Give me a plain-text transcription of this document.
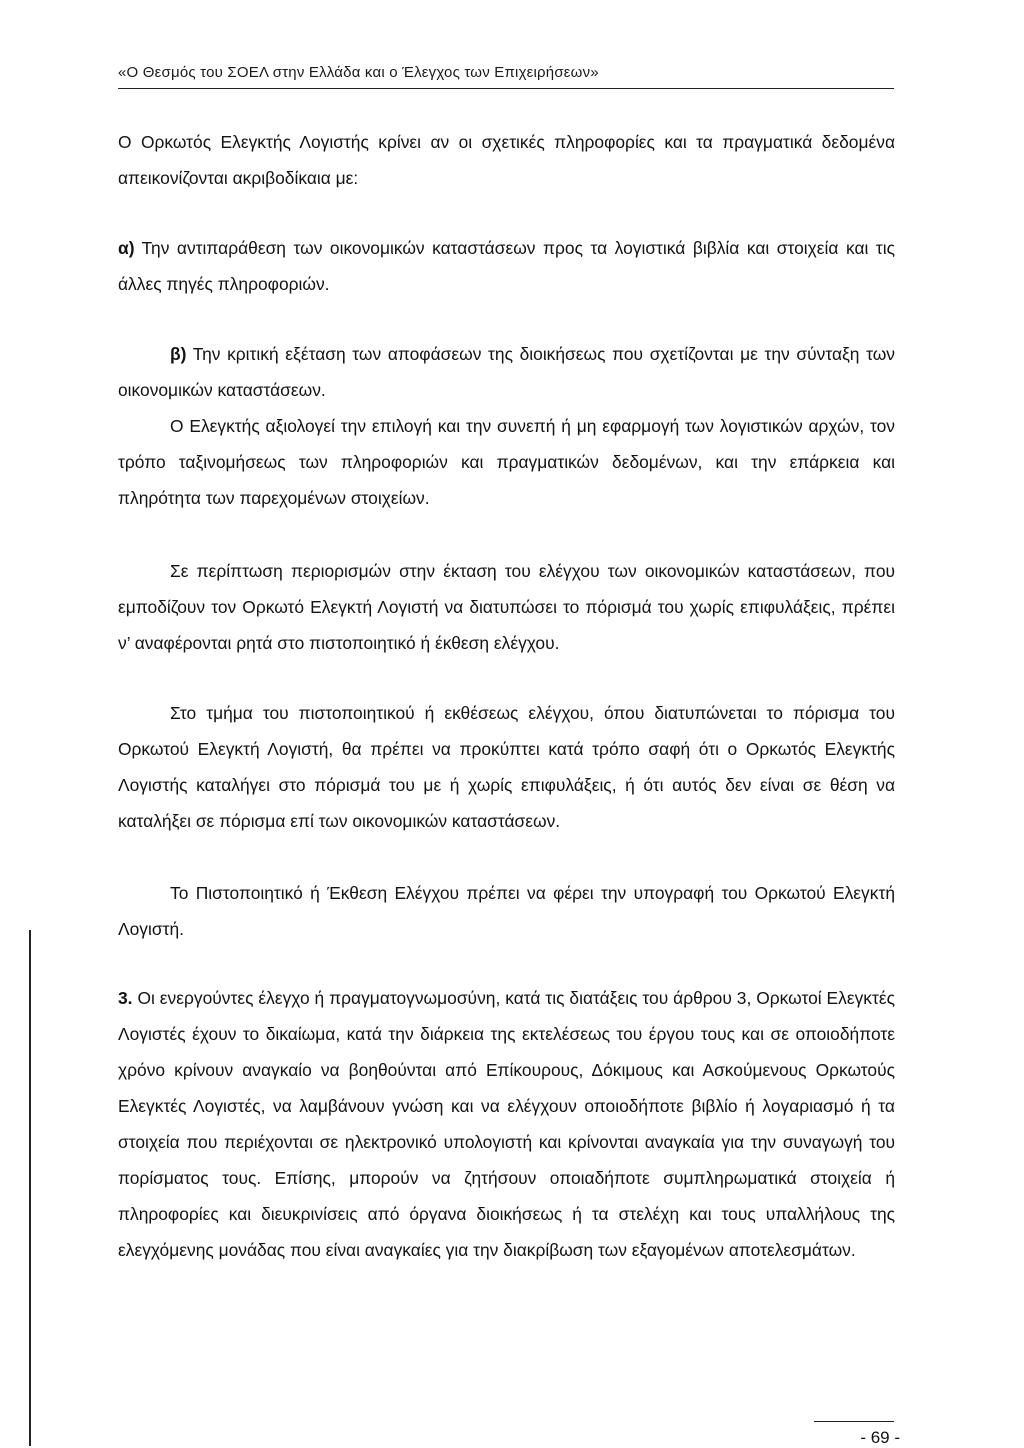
«Ο Θεσμός του ΣΟΕΛ στην Ελλάδα και ο Έλεγχος των Επιχειρήσεων»

Ο Ορκωτός Ελεγκτής Λογιστής κρίνει αν οι σχετικές πληροφορίες και τα πραγματικά δεδομένα απεικονίζονται ακριβοδίκαια με:

α) Την αντιπαράθεση των οικονομικών καταστάσεων προς τα λογιστικά βιβλία και στοιχεία και τις άλλες πηγές πληροφοριών.

β) Την κριτική εξέταση των αποφάσεων της διοικήσεως που σχετίζονται με την σύνταξη των οικονομικών καταστάσεων.

Ο Ελεγκτής αξιολογεί την επιλογή και την συνεπή ή μη εφαρμογή των λογιστικών αρχών, τον τρόπο ταξινομήσεως των πληροφοριών και πραγματικών δεδομένων, και την επάρκεια και πληρότητα των παρεχομένων στοιχείων.

Σε περίπτωση περιορισμών στην έκταση του ελέγχου των οικονομικών καταστάσεων, που εμποδίζουν τον Ορκωτό Ελεγκτή Λογιστή να διατυπώσει το πόρισμά του χωρίς επιφυλάξεις, πρέπει ν’ αναφέρονται ρητά στο πιστοποιητικό ή έκθεση ελέγχου.

Στο τμήμα του πιστοποιητικού ή εκθέσεως ελέγχου, όπου διατυπώνεται το πόρισμα του Ορκωτού Ελεγκτή Λογιστή, θα πρέπει να προκύπτει κατά τρόπο σαφή ότι ο Ορκωτός Ελεγκτής Λογιστής καταλήγει στο πόρισμά του με ή χωρίς επιφυλάξεις, ή ότι αυτός δεν είναι σε θέση να καταλήξει σε πόρισμα επί των οικονομικών καταστάσεων.

Το Πιστοποιητικό ή Έκθεση Ελέγχου πρέπει να φέρει την υπογραφή του Ορκωτού Ελεγκτή Λογιστή.

3. Οι ενεργούντες έλεγχο ή πραγματογνωμοσύνη, κατά τις διατάξεις του άρθρου 3, Ορκωτοί Ελεγκτές Λογιστές έχουν το δικαίωμα, κατά την διάρκεια της εκτελέσεως του έργου τους και σε οποιοδήποτε χρόνο κρίνουν αναγκαίο να βοηθούνται από Επίκουρους, Δόκιμους και Ασκούμενους Ορκωτούς Ελεγκτές Λογιστές, να λαμβάνουν γνώση και να ελέγχουν οποιοδήποτε βιβλίο ή λογαριασμό ή τα στοιχεία που περιέχονται σε ηλεκτρονικό υπολογιστή και κρίνονται αναγκαία για την συναγωγή του πορίσματος τους. Επίσης, μπορούν να ζητήσουν οποιαδήποτε συμπληρωματικά στοιχεία ή πληροφορίες και διευκρινίσεις από όργανα διοικήσεως ή τα στελέχη και τους υπαλλήλους της ελεγχόμενης μονάδας που είναι αναγκαίες για την διακρίβωση των εξαγομένων αποτελεσμάτων.

- 69 -
